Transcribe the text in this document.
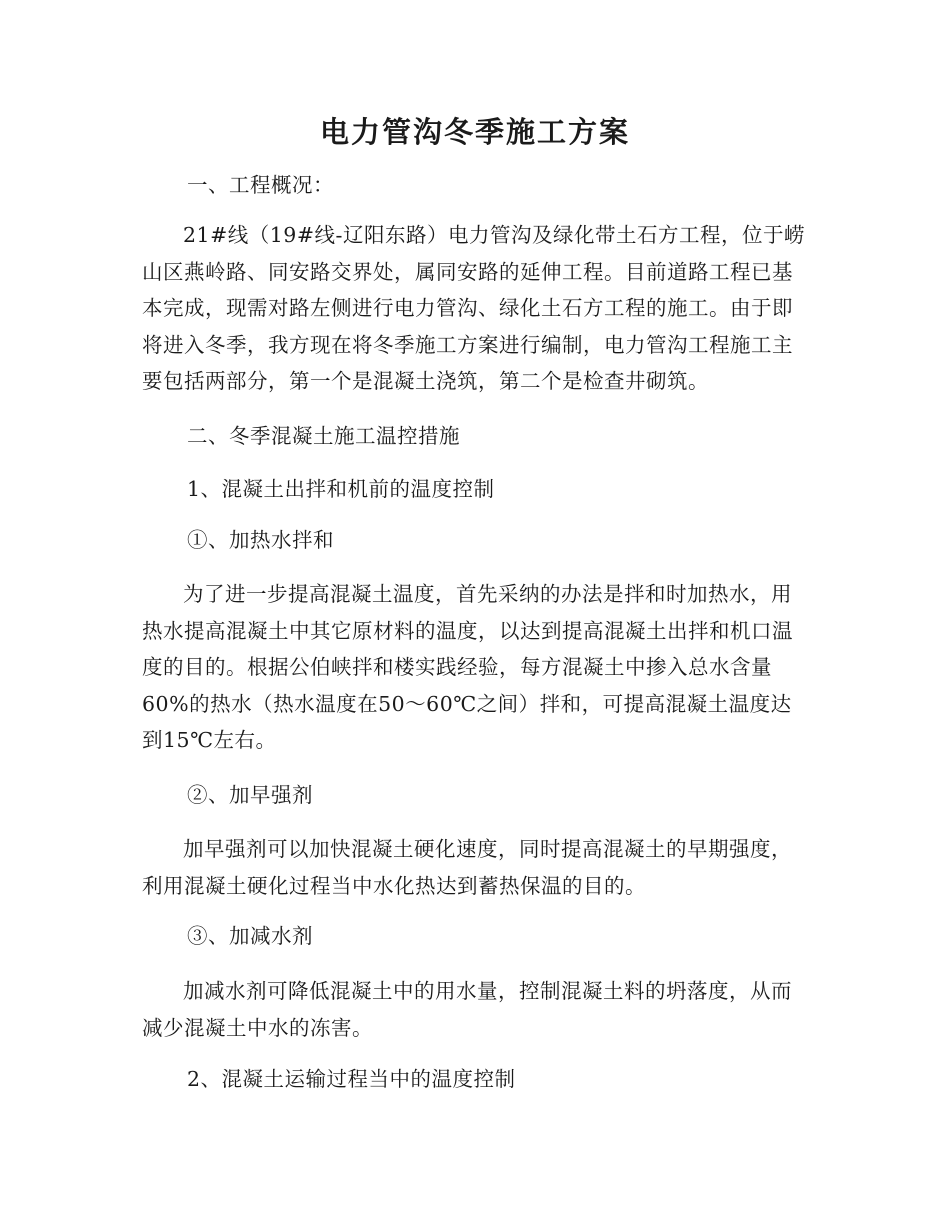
电力管沟冬季施工方案

一、工程概况：

21#线（19#线-辽阳东路）电力管沟及绿化带土石方工程，位于崂山区燕岭路、同安路交界处，属同安路的延伸工程。目前道路工程已基本完成，现需对路左侧进行电力管沟、绿化土石方工程的施工。由于即将进入冬季，我方现在将冬季施工方案进行编制，电力管沟工程施工主要包括两部分，第一个是混凝土浇筑，第二个是检查井砌筑。

二、冬季混凝土施工温控措施

1、混凝土出拌和机前的温度控制

①、加热水拌和

为了进一步提高混凝土温度，首先采纳的办法是拌和时加热水，用热水提高混凝土中其它原材料的温度，以达到提高混凝土出拌和机口温度的目的。根据公伯峡拌和楼实践经验，每方混凝土中掺入总水含量60%的热水（热水温度在50～60℃之间）拌和，可提高混凝土温度达到15℃左右。

②、加早强剂

加早强剂可以加快混凝土硬化速度，同时提高混凝土的早期强度，利用混凝土硬化过程当中水化热达到蓄热保温的目的。

③、加减水剂

加减水剂可降低混凝土中的用水量，控制混凝土料的坍落度，从而减少混凝土中水的冻害。

2、混凝土运输过程当中的温度控制
